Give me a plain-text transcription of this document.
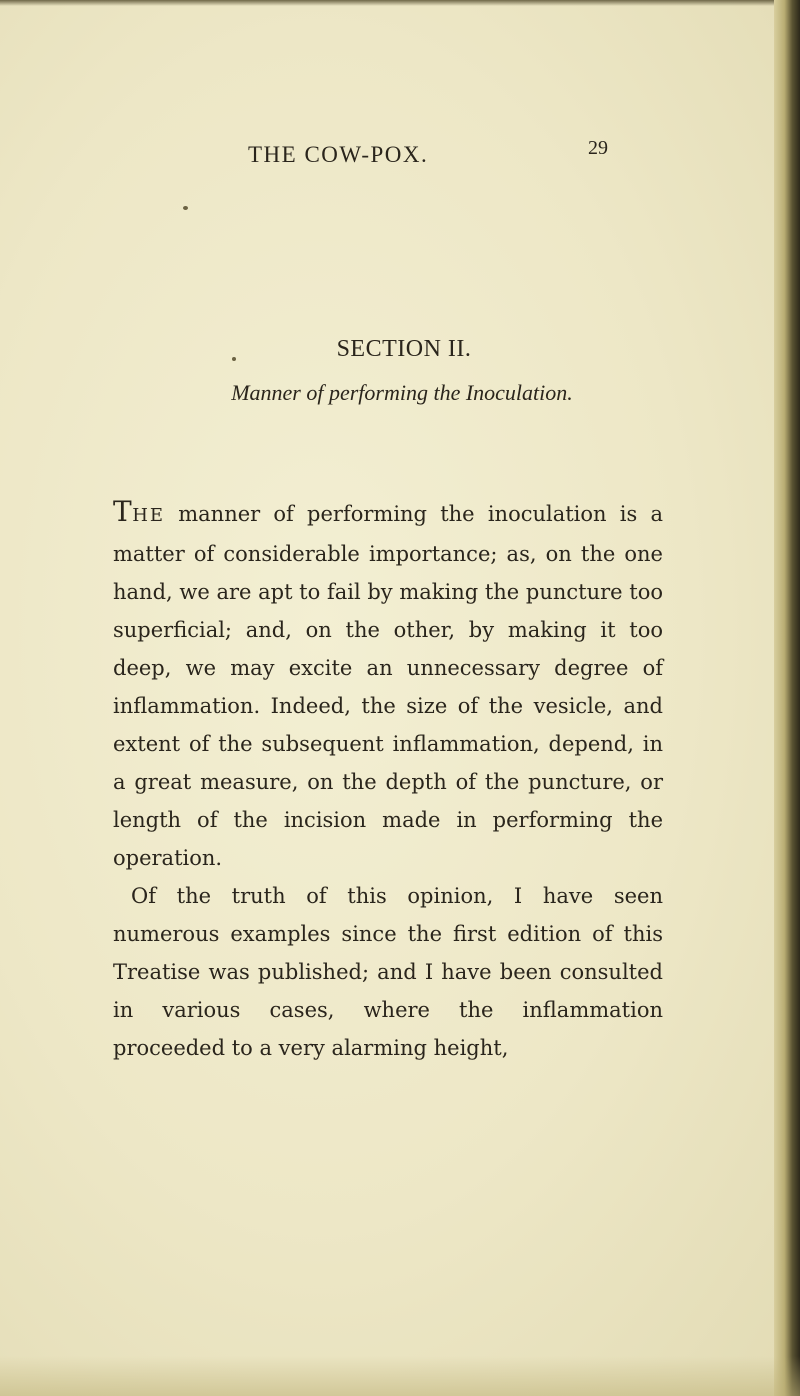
THE COW-POX.	29
SECTION II.
Manner of performing the Inoculation.

THE manner of performing the inoculation is a matter of considerable importance; as, on the one hand, we are apt to fail by making the puncture too superficial; and, on the other, by making it too deep, we may excite an unnecessary degree of inflammation. Indeed, the size of the vesicle, and extent of the subsequent inflammation, depend, in a great measure, on the depth of the puncture, or length of the incision made in performing the operation.

Of the truth of this opinion, I have seen numerous examples since the first edition of this Treatise was published; and I have been consulted in various cases, where the inflammation proceeded to a very alarming height,
